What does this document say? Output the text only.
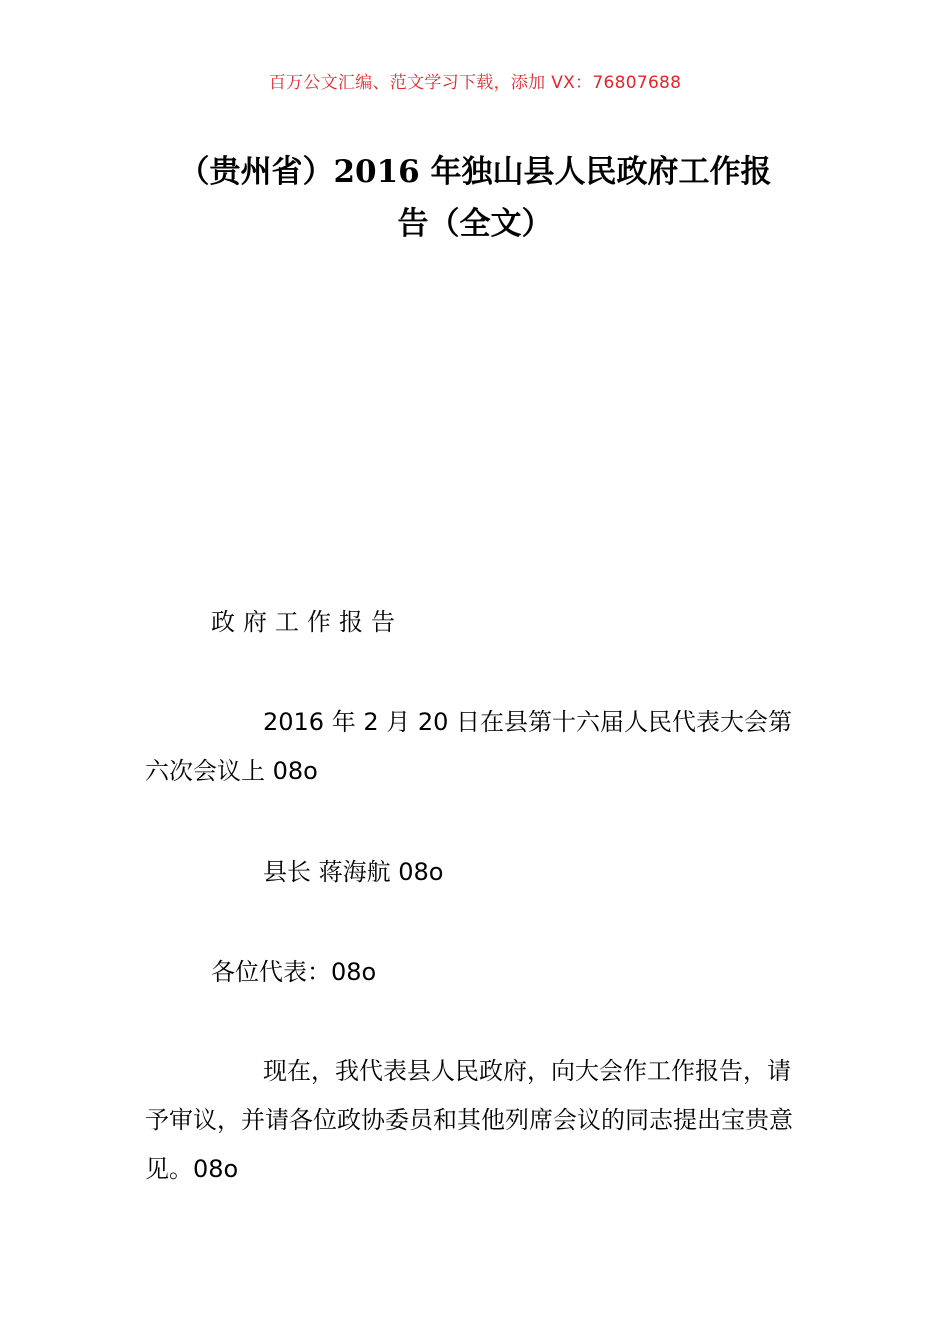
百万公文汇编、范文学习下载，添加 VX：76807688
（贵州省）2016 年独山县人民政府工作报
告（全文）
政府工作报告
2016 年 2 月 20 日在县第十六届人民代表大会第六次会议上 08o
县长 蒋海航 08o
各位代表：08o
现在，我代表县人民政府，向大会作工作报告，请予审议，并请各位政协委员和其他列席会议的同志提出宝贵意见。08o
